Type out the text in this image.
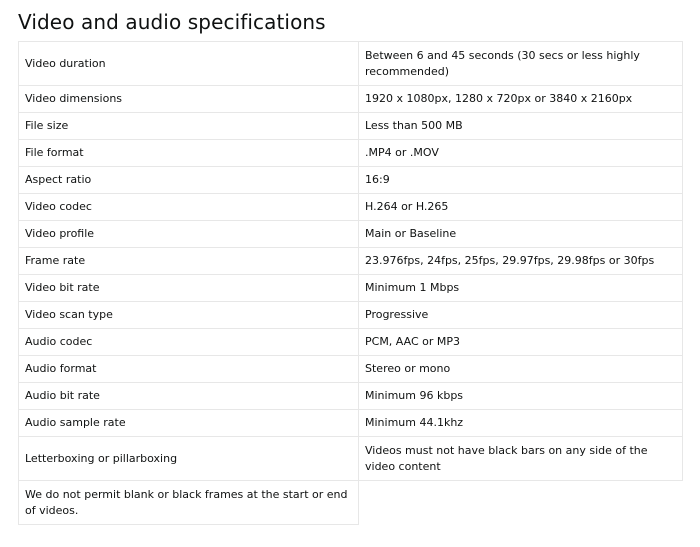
Video and audio specifications
Video duration	Between 6 and 45 seconds (30 secs or less highly recommended)
Video dimensions	1920 x 1080px, 1280 x 720px or 3840 x 2160px
File size	Less than 500 MB
File format	.MP4 or .MOV
Aspect ratio	16:9
Video codec	H.264 or H.265
Video profile	Main or Baseline
Frame rate	23.976fps, 24fps, 25fps, 29.97fps, 29.98fps or 30fps
Video bit rate	Minimum 1 Mbps
Video scan type	Progressive
Audio codec	PCM, AAC or MP3
Audio format	Stereo or mono
Audio bit rate	Minimum 96 kbps
Audio sample rate	Minimum 44.1khz
Letterboxing or pillarboxing	Videos must not have black bars on any side of the video content
We do not permit blank or black frames at the start or end of videos.	
